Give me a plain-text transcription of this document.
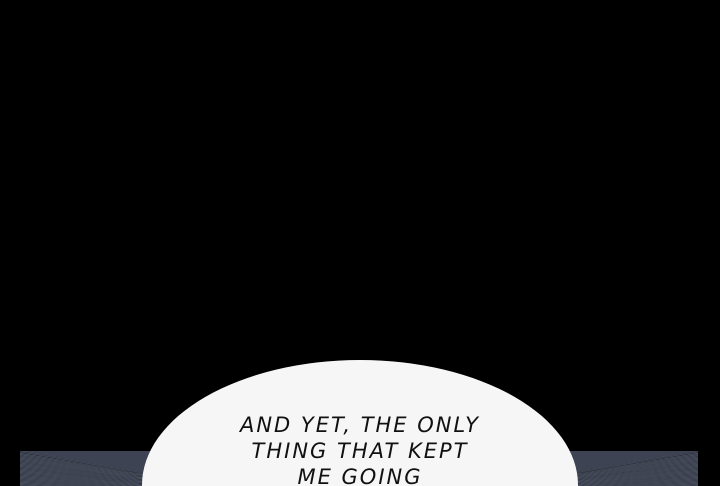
AND YET, THE ONLY
THING THAT KEPT
ME GOING
